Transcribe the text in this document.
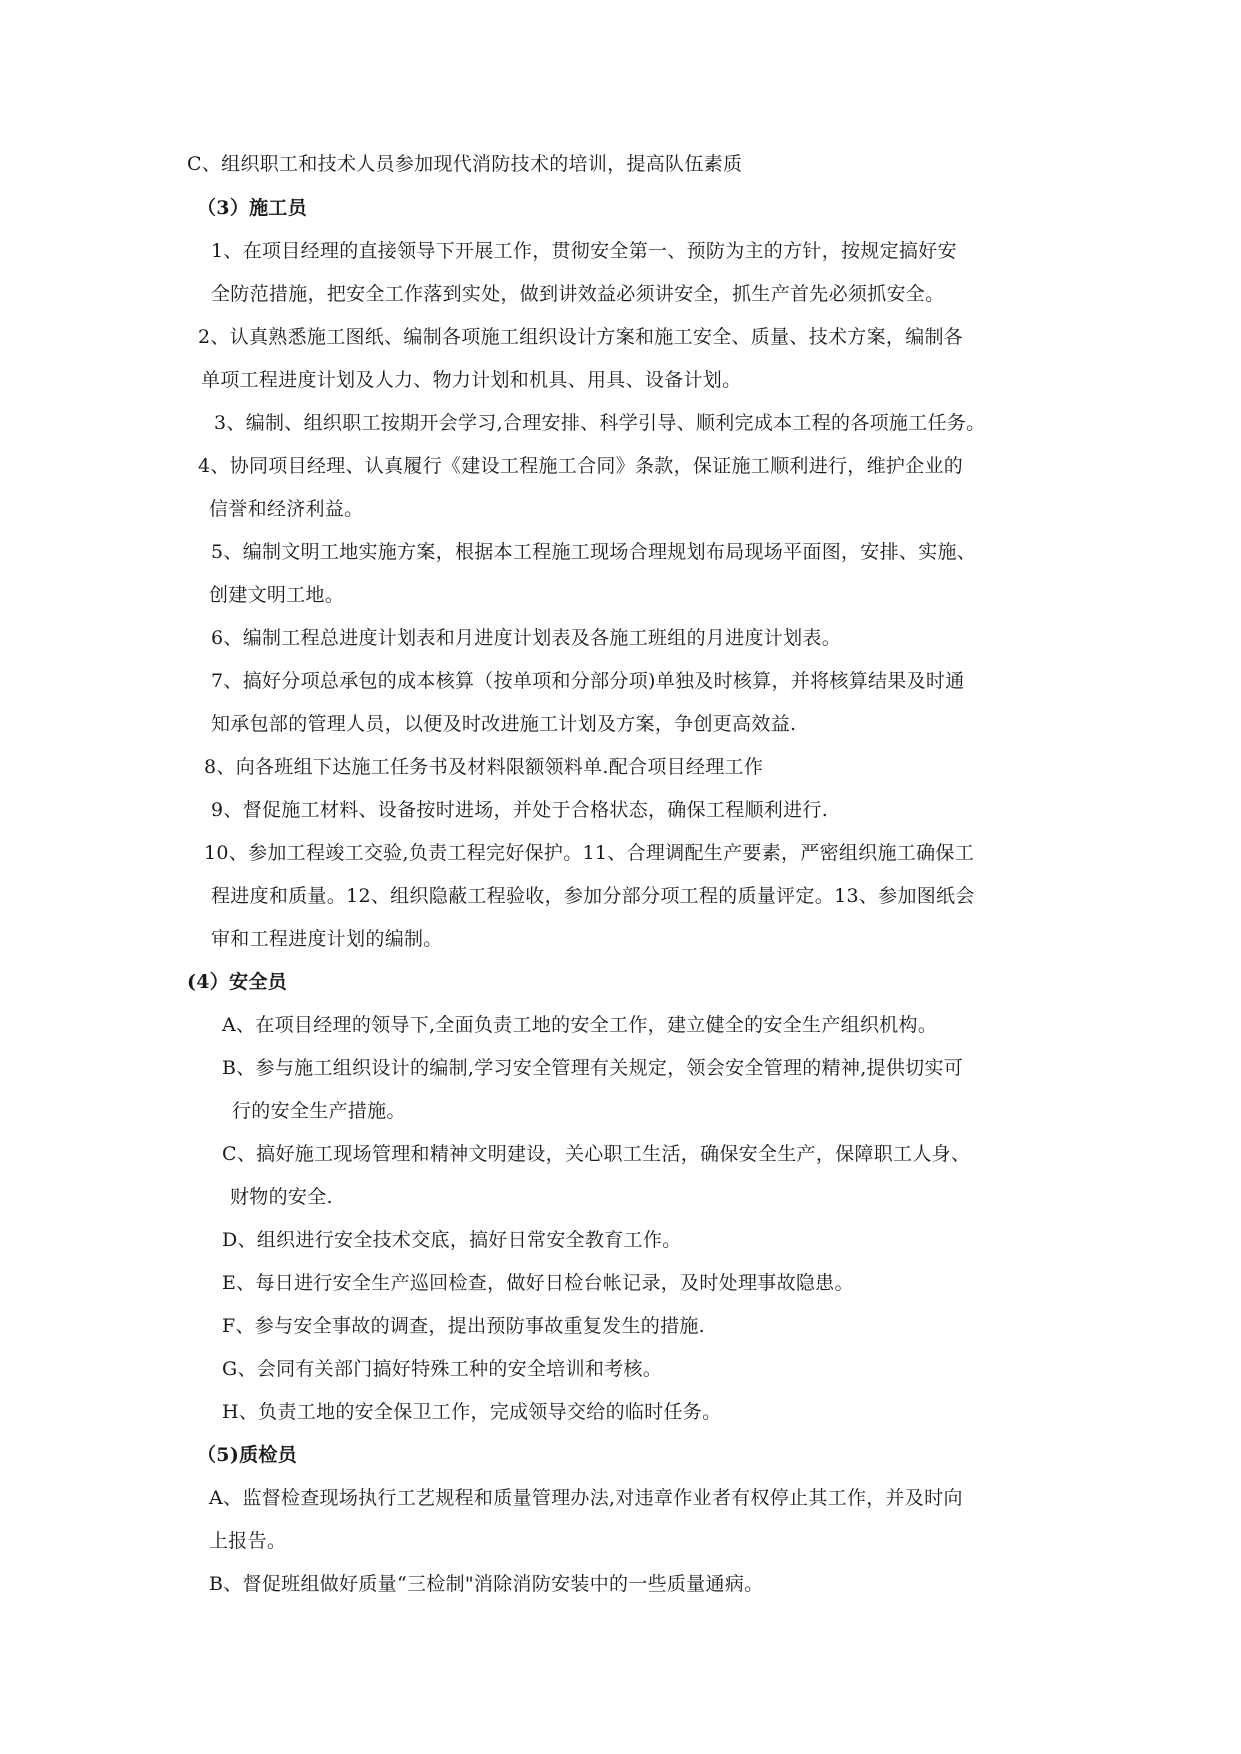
C、组织职工和技术人员参加现代消防技术的培训，提高队伍素质
（3）施工员
1、在项目经理的直接领导下开展工作，贯彻安全第一、预防为主的方针，按规定搞好安
全防范措施，把安全工作落到实处，做到讲效益必须讲安全，抓生产首先必须抓安全。
2、认真熟悉施工图纸、编制各项施工组织设计方案和施工安全、质量、技术方案，编制各
单项工程进度计划及人力、物力计划和机具、用具、设备计划。
3、编制、组织职工按期开会学习,合理安排、科学引导、顺利完成本工程的各项施工任务。
4、协同项目经理、认真履行《建设工程施工合同》条款，保证施工顺利进行，维护企业的
信誉和经济利益。
5、编制文明工地实施方案，根据本工程施工现场合理规划布局现场平面图，安排、实施、
创建文明工地。
6、编制工程总进度计划表和月进度计划表及各施工班组的月进度计划表。
7、搞好分项总承包的成本核算（按单项和分部分项)单独及时核算，并将核算结果及时通
知承包部的管理人员，以便及时改进施工计划及方案，争创更高效益.
8、向各班组下达施工任务书及材料限额领料单.配合项目经理工作
9、督促施工材料、设备按时进场，并处于合格状态，确保工程顺利进行.
10、参加工程竣工交验,负责工程完好保护。11、合理调配生产要素，严密组织施工确保工
程进度和质量。12、组织隐蔽工程验收，参加分部分项工程的质量评定。13、参加图纸会
审和工程进度计划的编制。
(4）安全员
A、在项目经理的领导下,全面负责工地的安全工作，建立健全的安全生产组织机构。
B、参与施工组织设计的编制,学习安全管理有关规定，领会安全管理的精神,提供切实可
行的安全生产措施。
C、搞好施工现场管理和精神文明建设，关心职工生活，确保安全生产，保障职工人身、
财物的安全.
D、组织进行安全技术交底，搞好日常安全教育工作。
E、每日进行安全生产巡回检查，做好日检台帐记录，及时处理事故隐患。
F、参与安全事故的调查，提出预防事故重复发生的措施.
G、会同有关部门搞好特殊工种的安全培训和考核。
H、负责工地的安全保卫工作，完成领导交给的临时任务。
（5)质检员
A、监督检查现场执行工艺规程和质量管理办法,对违章作业者有权停止其工作，并及时向
上报告。
B、督促班组做好质量“三检制"消除消防安装中的一些质量通病。
